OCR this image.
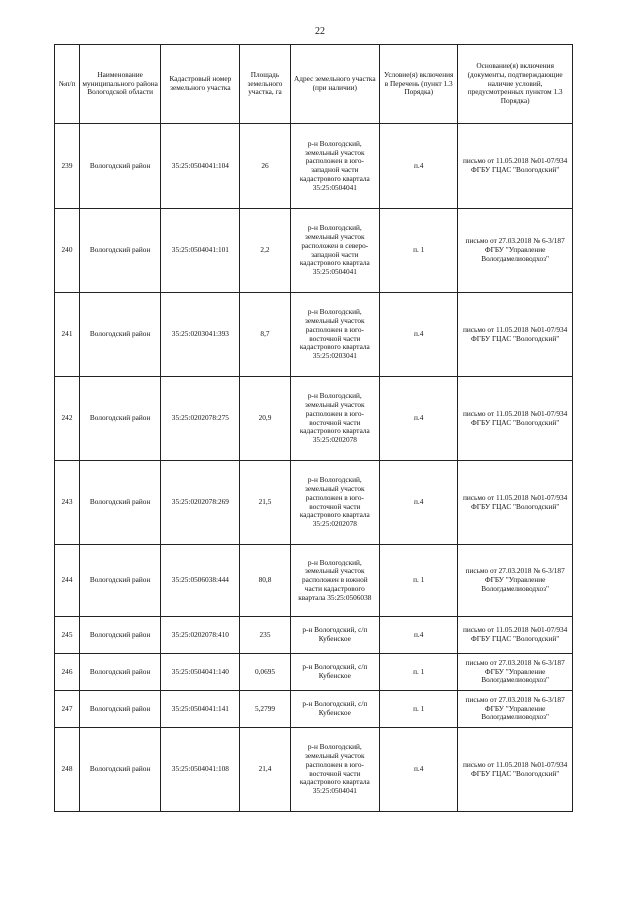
22
№п/п	Наименование муниципального района Вологодской области	Кадастровый номер земельного участка	Площадь земельного участка, га	Адрес земельного участка (при наличии)	Условие(я) включения в Перечень (пункт 1.3 Порядка)	Основание(я) включения (документы, подтверждающие наличие условий, предусмотренных пунктом 1.3 Порядка)
239	Вологодский район	35:25:0504041:104	26	р-н Вологодский, земельный участок расположен в юго-западной части кадастрового квартала 35:25:0504041	п.4	письмо от 11.05.2018 №01-07/934 ФГБУ ГЦАС "Вологодский"
240	Вологодский район	35:25:0504041:101	2,2	р-н Вологодский, земельный участок расположен в северо-западной части кадастрового квартала 35:25:0504041	п. 1	письмо от 27.03.2018 № 6-3/187 ФГБУ "Управление Вологдамелиоводхоз"
241	Вологодский район	35:25:0203041:393	8,7	р-н Вологодский, земельный участок расположен в юго-восточной части кадастрового квартала 35:25:0203041	п.4	письмо от 11.05.2018 №01-07/934 ФГБУ ГЦАС "Вологодский"
242	Вологодский район	35:25:0202078:275	20,9	р-н Вологодский, земельный участок расположен в юго-восточной части кадастрового квартала 35:25:0202078	п.4	письмо от 11.05.2018 №01-07/934 ФГБУ ГЦАС "Вологодский"
243	Вологодский район	35:25:0202078:269	21,5	р-н Вологодский, земельный участок расположен в юго-восточной части кадастрового квартала 35:25:0202078	п.4	письмо от 11.05.2018 №01-07/934 ФГБУ ГЦАС "Вологодский"
244	Вологодский район	35:25:0506038:444	80,8	р-н Вологодский, земельный участок расположен в южной части кадастрового квартала 35:25:0506038	п. 1	письмо от 27.03.2018 № 6-3/187 ФГБУ "Управление Вологдамелиоводхоз"
245	Вологодский район	35:25:0202078:410	235	р-н Вологодский, с/п Кубенское	п.4	письмо от 11.05.2018 №01-07/934 ФГБУ ГЦАС "Вологодский"
246	Вологодский район	35:25:0504041:140	0,0695	р-н Вологодский, с/п Кубенское	п. 1	письмо от 27.03.2018 № 6-3/187 ФГБУ "Управление Вологдамелиоводхоз"
247	Вологодский район	35:25:0504041:141	5,2799	р-н Вологодский, с/п Кубенское	п. 1	письмо от 27.03.2018 № 6-3/187 ФГБУ "Управление Вологдамелиоводхоз"
248	Вологодский район	35:25:0504041:108	21,4	р-н Вологодский, земельный участок расположен в юго-восточной части кадастрового квартала 35:25:0504041	п.4	письмо от 11.05.2018 №01-07/934 ФГБУ ГЦАС "Вологодский"
